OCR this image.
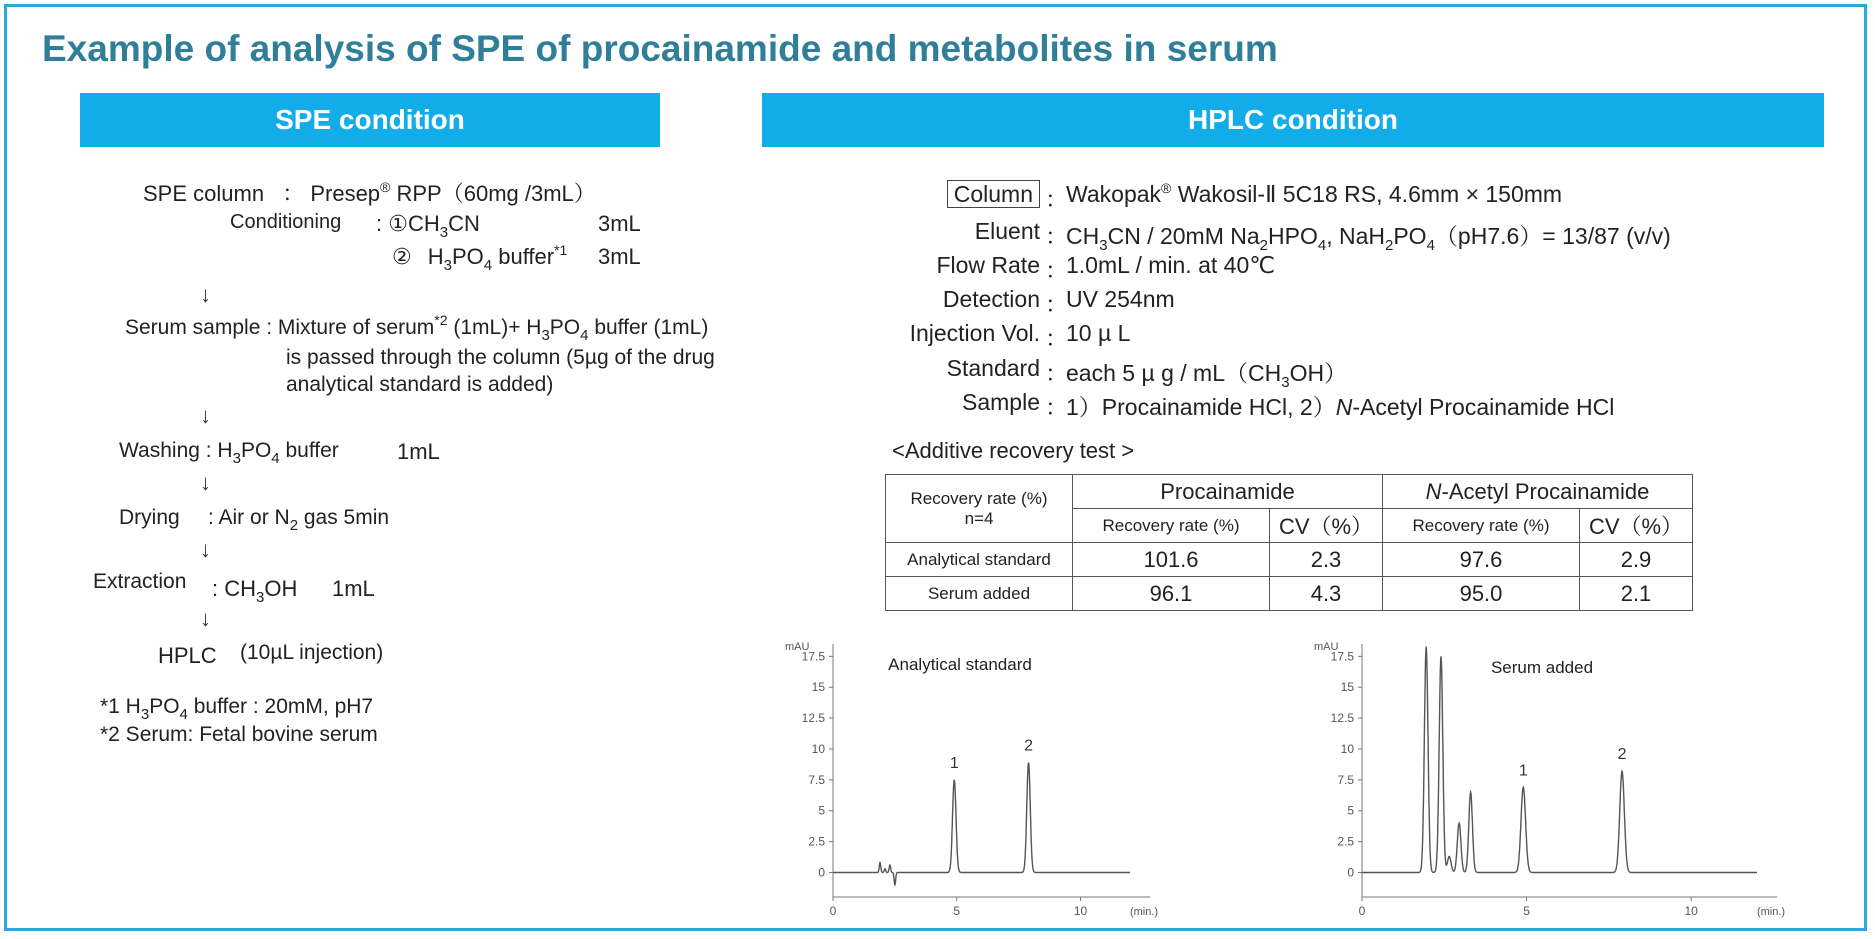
Example of analysis of SPE of procainamide and metabolites in serum
SPE condition	HPLC condition
SPE column ： Presep® RPP（60mg /3mL）
Conditioning : $①CH_3CN$	3mL
② $H_3PO_4$ buffer$^{*1}$ 3mL
↓
Serum sample : Mixture of serum$^{*2}$ $(1mL)+ H_3PO_4$ buffer (1mL)
is passed through the column (5µg of the drug
analytical standard is added)
↓
Washing : $H_3PO_4$ buffer	1mL
↓
Drying : Air or $N_2$ gas 5min
↓
Extraction : $CH_3OH$ 1mL
↓
HPLC (10µL injection)
*1 $H_3PO_4$ buffer : 20mM, pH7
*2 Serum: Fetal bovine serum
Column ：
Wakopak® Wakosil-Ⅱ 5C18 RS, 4.6mm × 150mm
Eluent ：
$CH_3CN / 20mM$ $Na_2HPO_4$, $NaH_2PO_4(pH7.6)= 13/87$ (v/v)
Flow Rate ：
1.0mL / min. at 40℃
Detection ：
UV 254nm
Injection Vol. ：
10 µ L
Standard ：
each 5 µ g / $mL(CH_3OH)$
Sample ：
1）Procainamide HCl, 2）N-Acetyl Procainamide HCl
<Additive recovery test >
Recovery rate (%)
n=4	Procainamide		N-Acetyl Procainamide	
	Recovery rate (%)	CV（%）	Recovery rate (%)	CV（%）
Analytical standard	101.6	2.3	97.6	2.9
Serum added	96.1	4.3	95.0	2.1
mAU
17.5
15
12.5
10
7.5
5
2.5
0
0	5	10	(min.)
Analytical standard
1
2
mAU
17.5
15
12.5
10
7.5
5
2.5
0
0	5	10	(min.)
Serum added
1
2
